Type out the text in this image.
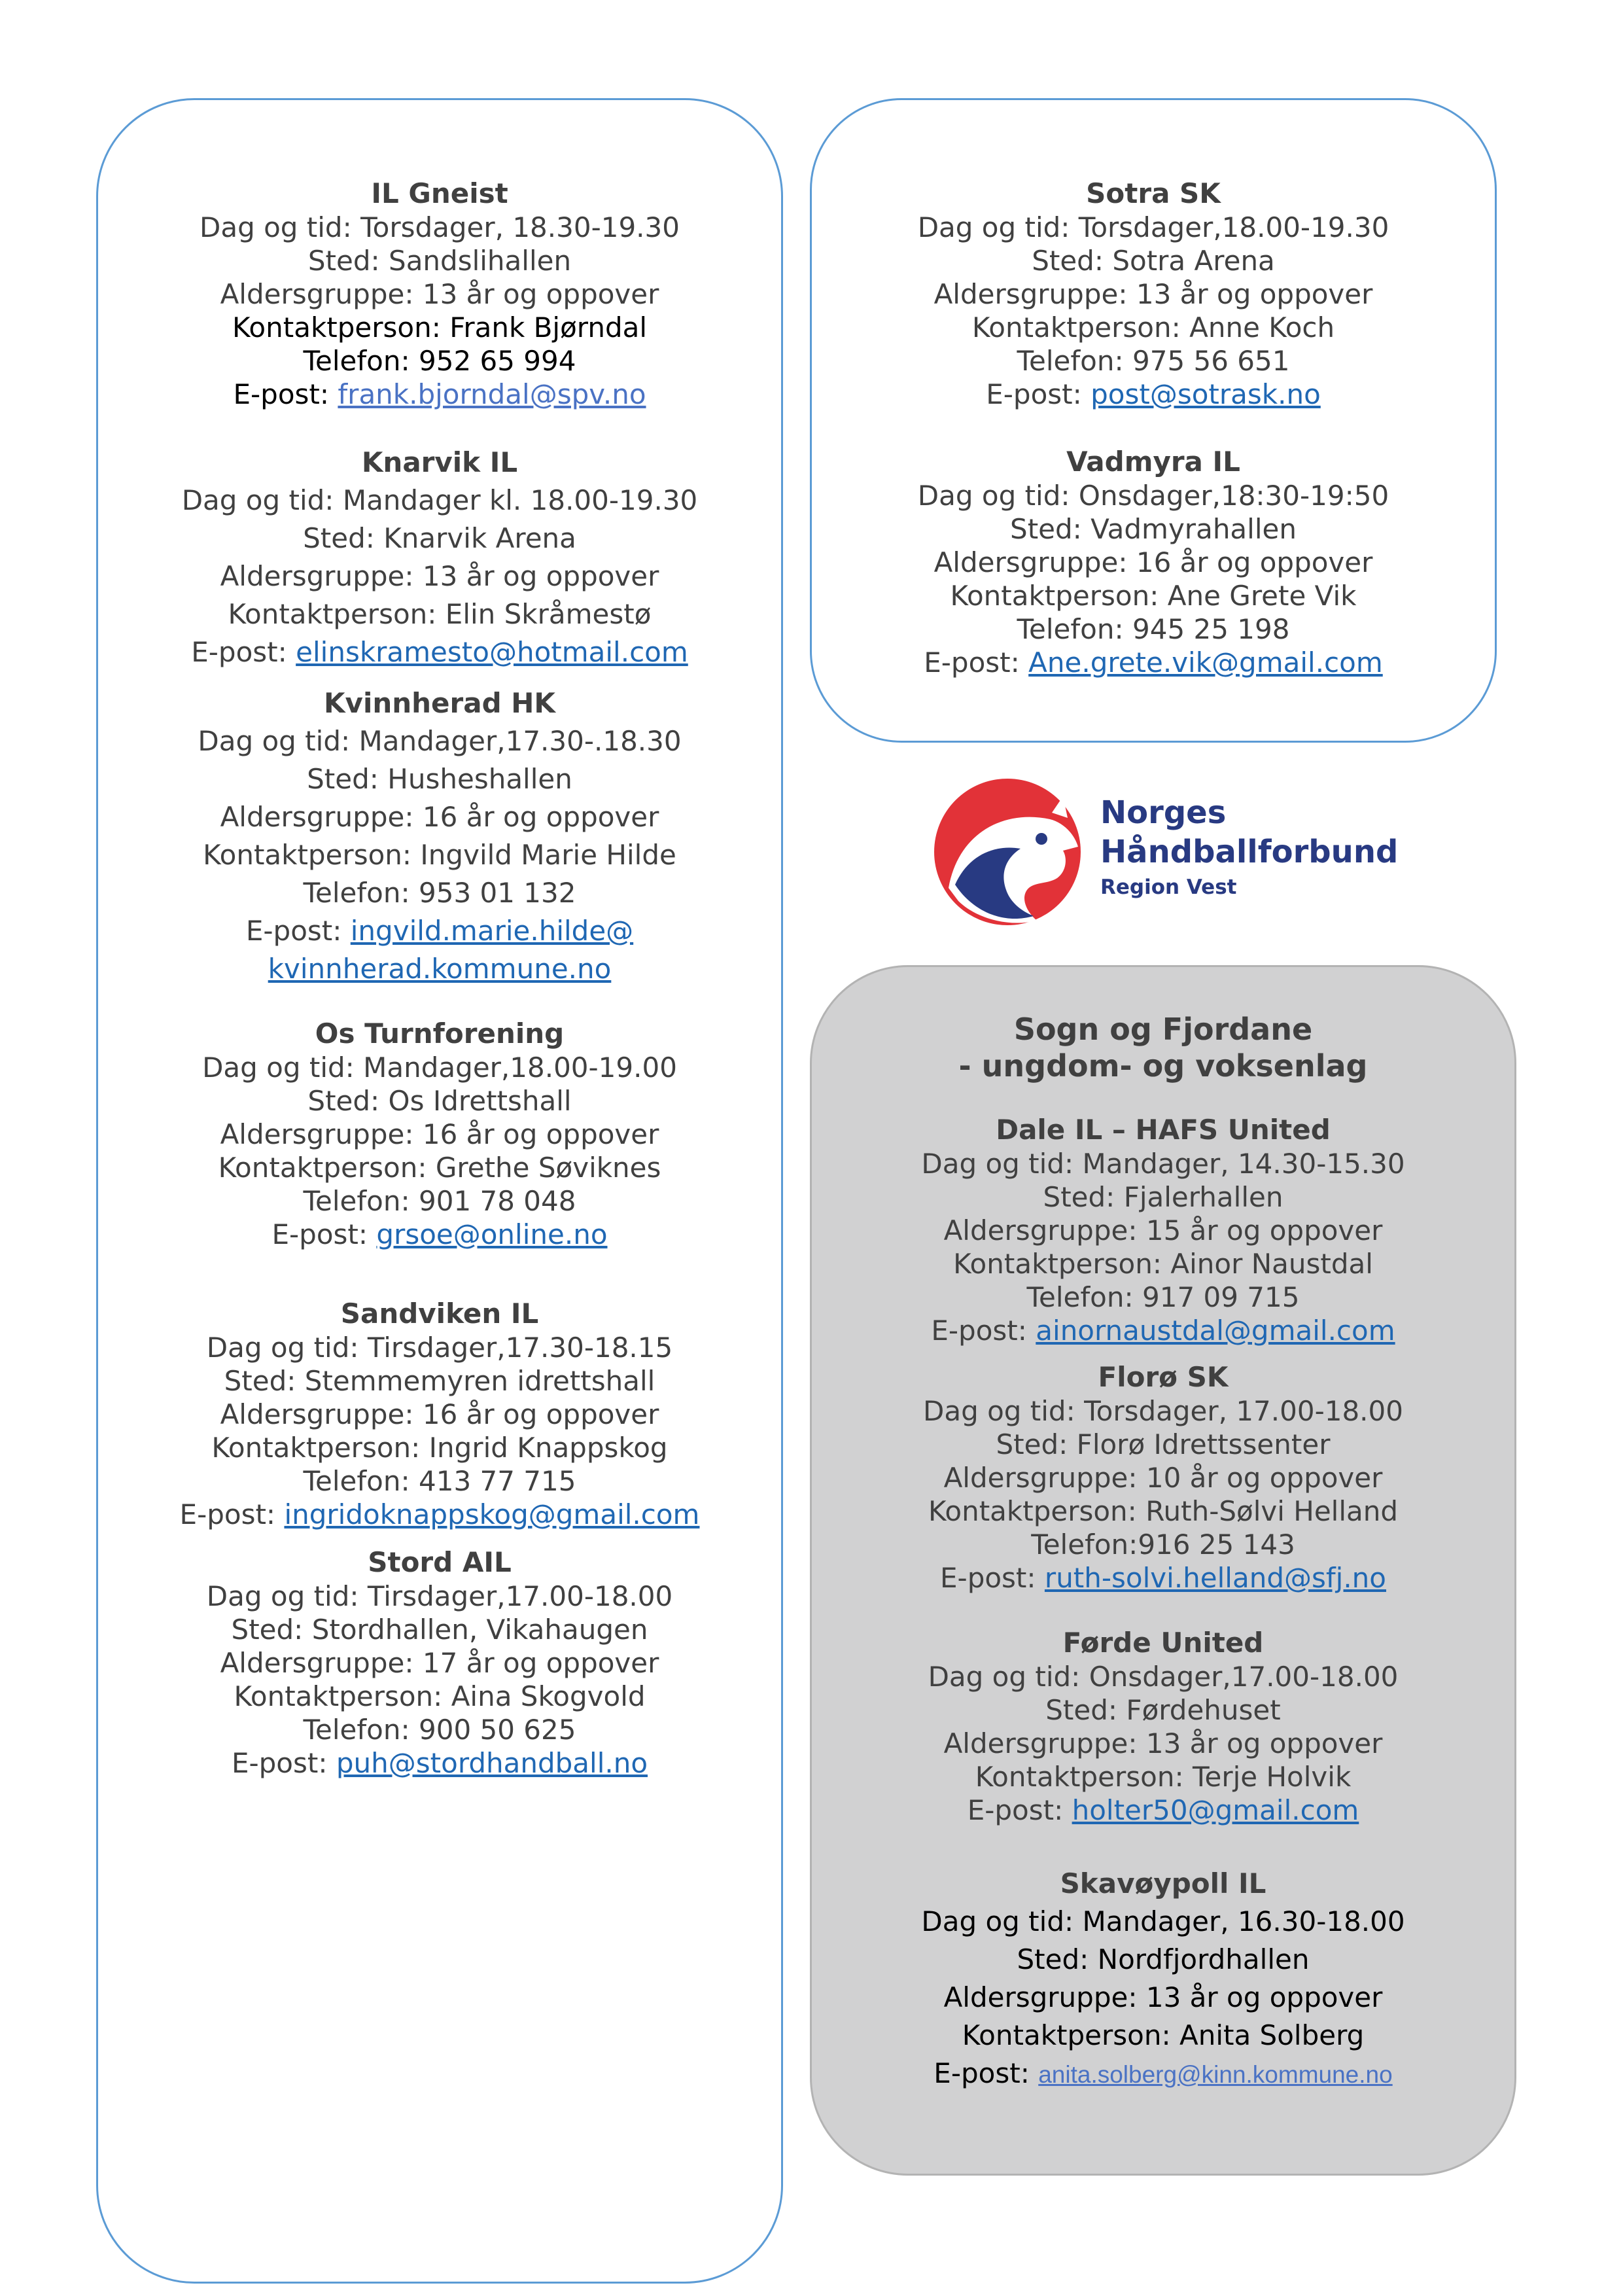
IL Gneist
Dag og tid: Torsdager, 18.30-19.30
Sted: Sandslihallen
Aldersgruppe: 13 år og oppover
Kontaktperson: Frank Bjørndal
Telefon: 952 65 994
E-post: frank.bjorndal@spv.no
Knarvik IL
Dag og tid: Mandager kl. 18.00-19.30
Sted: Knarvik Arena
Aldersgruppe: 13 år og oppover
Kontaktperson: Elin Skråmestø
E-post: elinskramesto@hotmail.com
Kvinnherad HK
Dag og tid: Mandager,17.30-.18.30
Sted: Husheshallen
Aldersgruppe: 16 år og oppover
Kontaktperson: Ingvild Marie Hilde
Telefon: 953 01 132
E-post: ingvild.marie.hilde@
kvinnherad.kommune.no
Os Turnforening
Dag og tid: Mandager,18.00-19.00
Sted: Os Idrettshall
Aldersgruppe: 16 år og oppover
Kontaktperson: Grethe Søviknes
Telefon: 901 78 048
E-post: grsoe@online.no
Sandviken IL
Dag og tid: Tirsdager,17.30-18.15
Sted: Stemmemyren idrettshall
Aldersgruppe: 16 år og oppover
Kontaktperson: Ingrid Knappskog
Telefon: 413 77 715
E-post: ingridoknappskog@gmail.com
Stord AIL
Dag og tid: Tirsdager,17.00-18.00
Sted: Stordhallen, Vikahaugen
Aldersgruppe: 17 år og oppover
Kontaktperson: Aina Skogvold
Telefon: 900 50 625
E-post: puh@stordhandball.no
Sotra SK
Dag og tid: Torsdager,18.00-19.30
Sted: Sotra Arena
Aldersgruppe: 13 år og oppover
Kontaktperson: Anne Koch
Telefon: 975 56 651
E-post: post@sotrask.no
Vadmyra IL
Dag og tid: Onsdager,18:30-19:50
Sted: Vadmyrahallen
Aldersgruppe: 16 år og oppover
Kontaktperson: Ane Grete Vik
Telefon: 945 25 198
E-post: Ane.grete.vik@gmail.com
Norges
Håndballforbund
Region Vest
Sogn og Fjordane
- ungdom- og voksenlag
Dale IL – HAFS United
Dag og tid: Mandager, 14.30-15.30
Sted: Fjalerhallen
Aldersgruppe: 15 år og oppover
Kontaktperson: Ainor Naustdal
Telefon: 917 09 715
E-post: ainornaustdal@gmail.com
Florø SK
Dag og tid: Torsdager, 17.00-18.00
Sted: Florø Idrettssenter
Aldersgruppe: 10 år og oppover
Kontaktperson: Ruth-Sølvi Helland
Telefon:916 25 143
E-post: ruth-solvi.helland@sfj.no
Førde United
Dag og tid: Onsdager,17.00-18.00
Sted: Førdehuset
Aldersgruppe: 13 år og oppover
Kontaktperson: Terje Holvik
E-post: holter50@gmail.com
Skavøypoll IL
Dag og tid: Mandager, 16.30-18.00
Sted: Nordfjordhallen
Aldersgruppe: 13 år og oppover
Kontaktperson: Anita Solberg
E-post: anita.solberg@kinn.kommune.no
